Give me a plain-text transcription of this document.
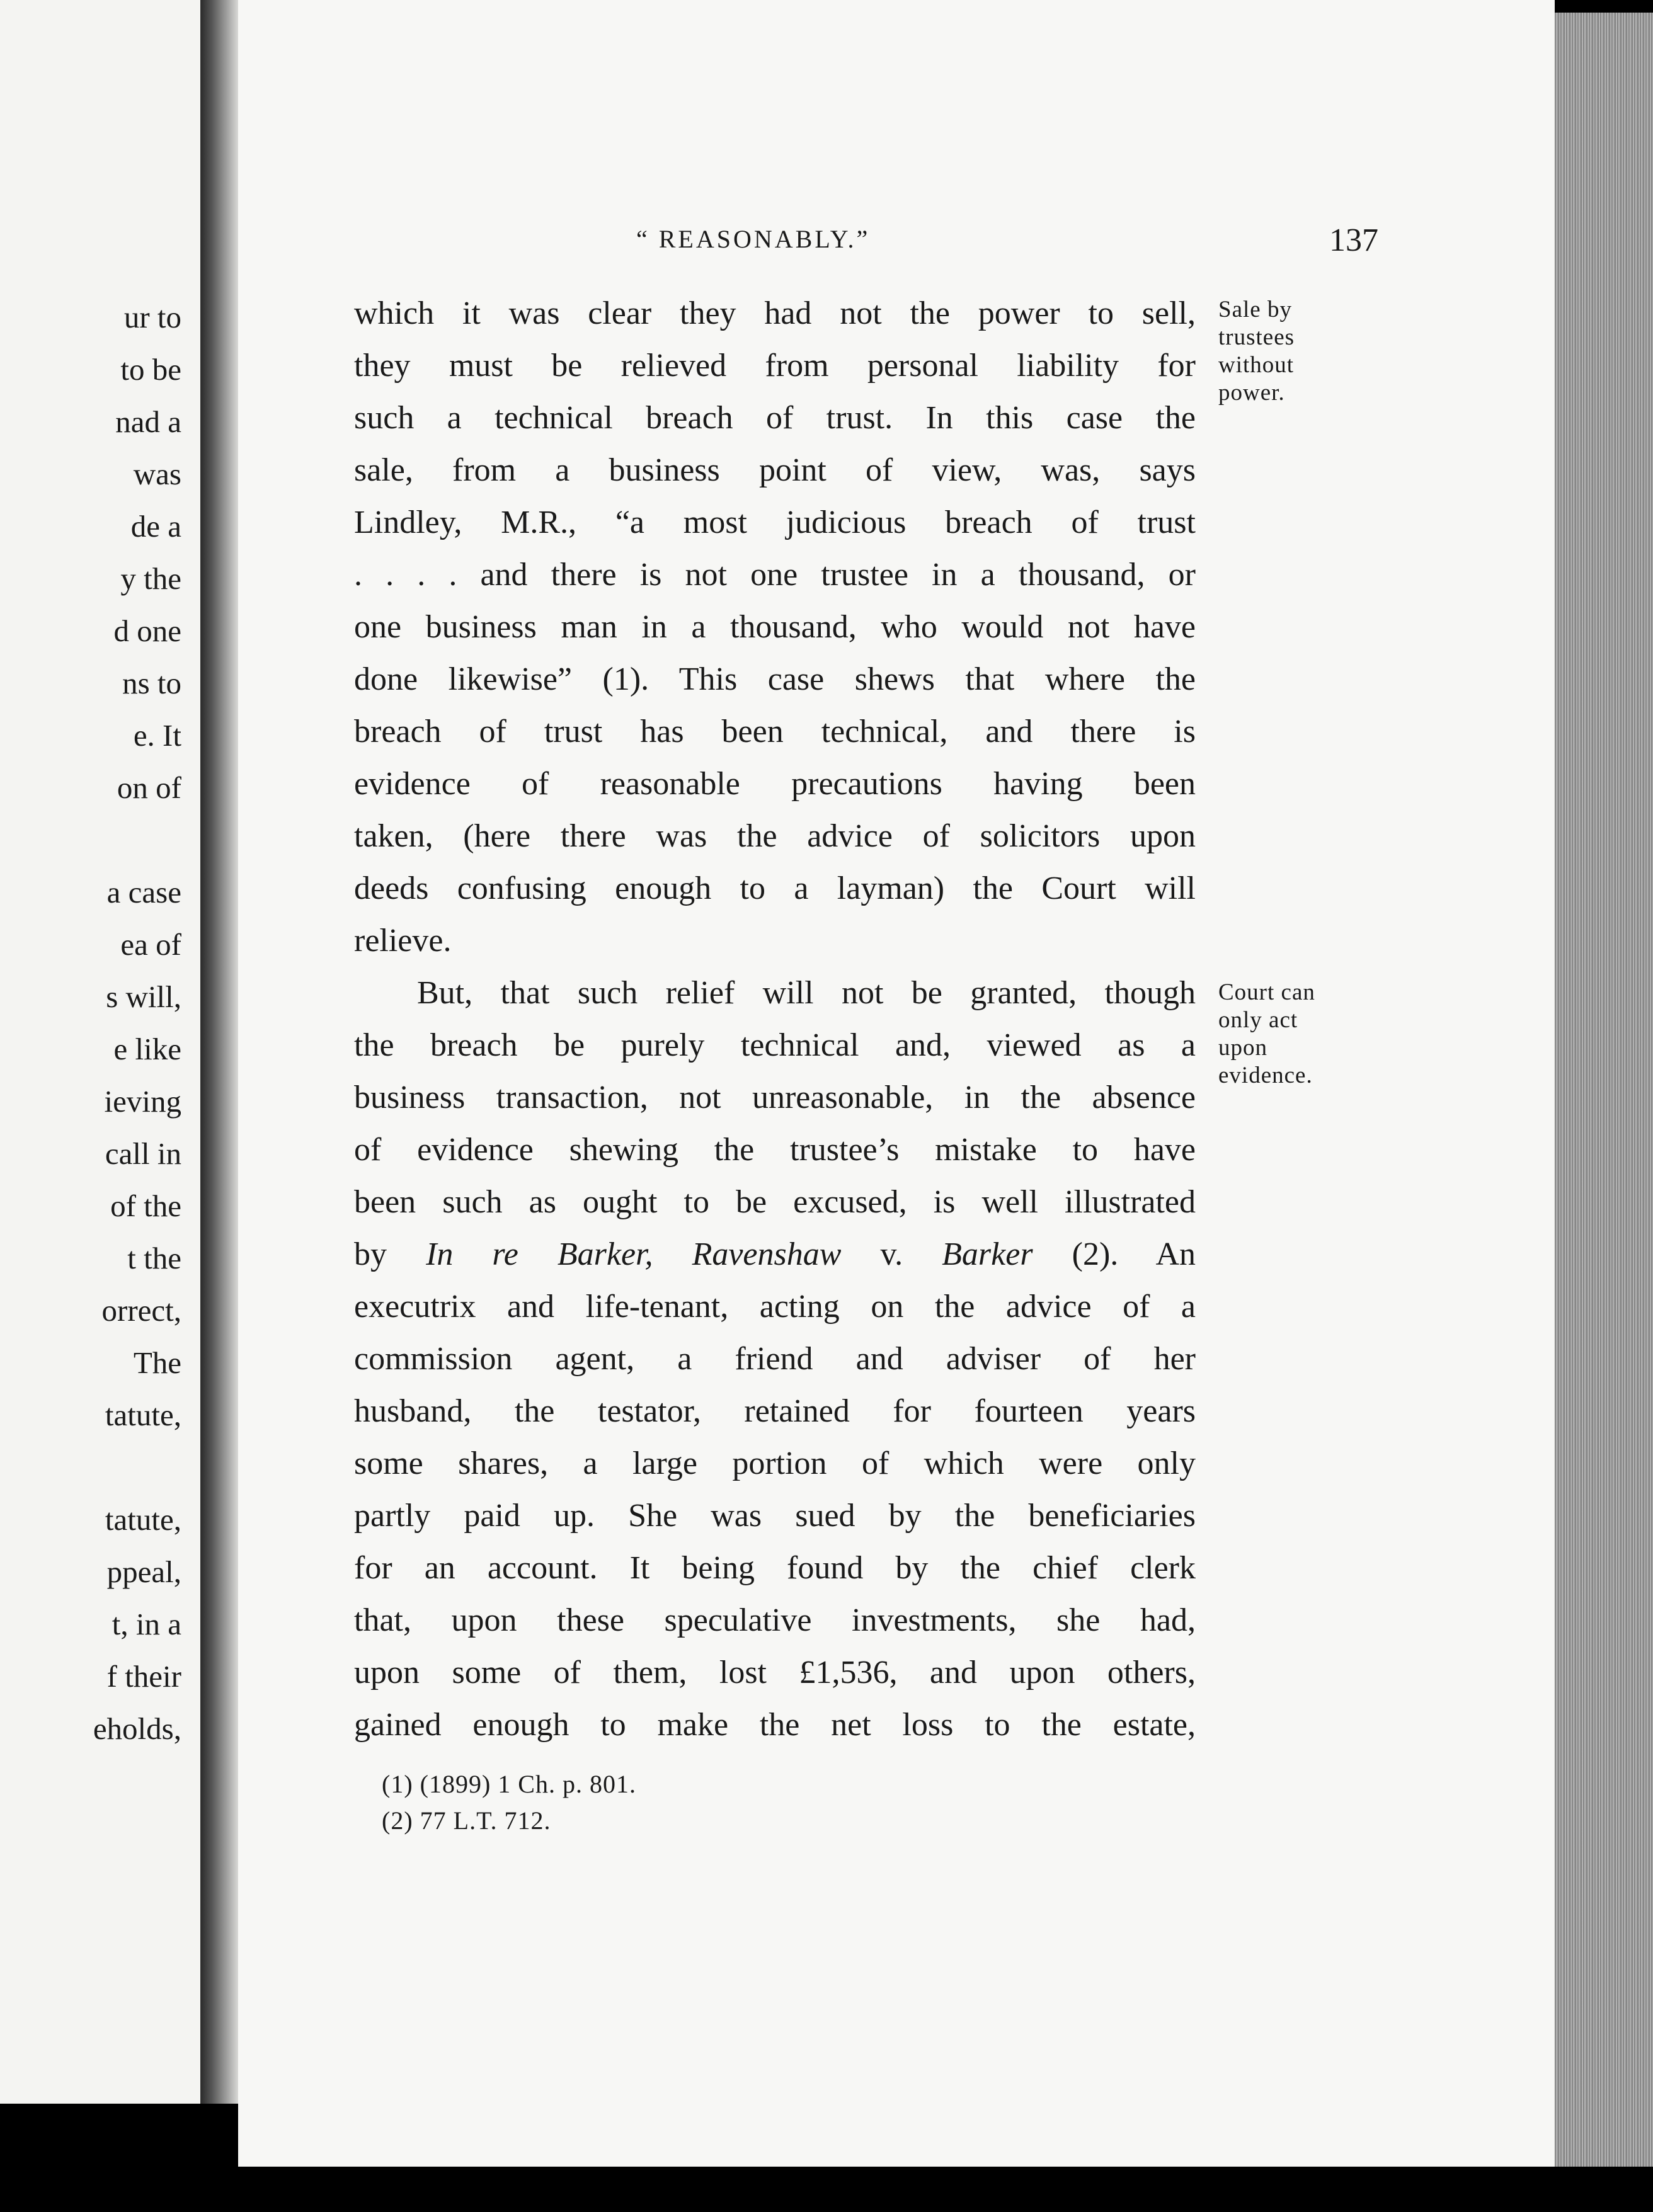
ur to
to be
nad a
was
de a
y the
d one
ns to
e. It
on of
a case
ea of
s will,
e like
ieving
call in
of the
t the
orrect,
The
tatute,
tatute,
ppeal,
t, in a
f their
eholds,
“ REASONABLY.”	137
which it was clear they had not the power to sell,
they must be relieved from personal liability for
such a technical breach of trust. In this case the
sale, from a business point of view, was, says
Lindley, M.R., “a most judicious breach of trust
. . . . and there is not one trustee in a thousand, or
one business man in a thousand, who would not have
done likewise” (1). This case shews that where the
breach of trust has been technical, and there is
evidence of reasonable precautions having been
taken, (here there was the advice of solicitors upon
deeds confusing enough to a layman) the Court will
relieve.
But, that such relief will not be granted, though
the breach be purely technical and, viewed as a
business transaction, not unreasonable, in the absence
of evidence shewing the trustee’s mistake to have
been such as ought to be excused, is well illustrated
by In re Barker, Ravenshaw v. Barker (2). An
executrix and life-tenant, acting on the advice of a
commission agent, a friend and adviser of her
husband, the testator, retained for fourteen years
some shares, a large portion of which were only
partly paid up. She was sued by the beneficiaries
for an account. It being found by the chief clerk
that, upon these speculative investments, she had,
upon some of them, lost £1,536, and upon others,
gained enough to make the net loss to the estate,
Sale by
trustees
without
power.
Court can
only act
upon
evidence.
(1) (1899) 1 Ch. p. 801.
(2) 77 L.T. 712.
